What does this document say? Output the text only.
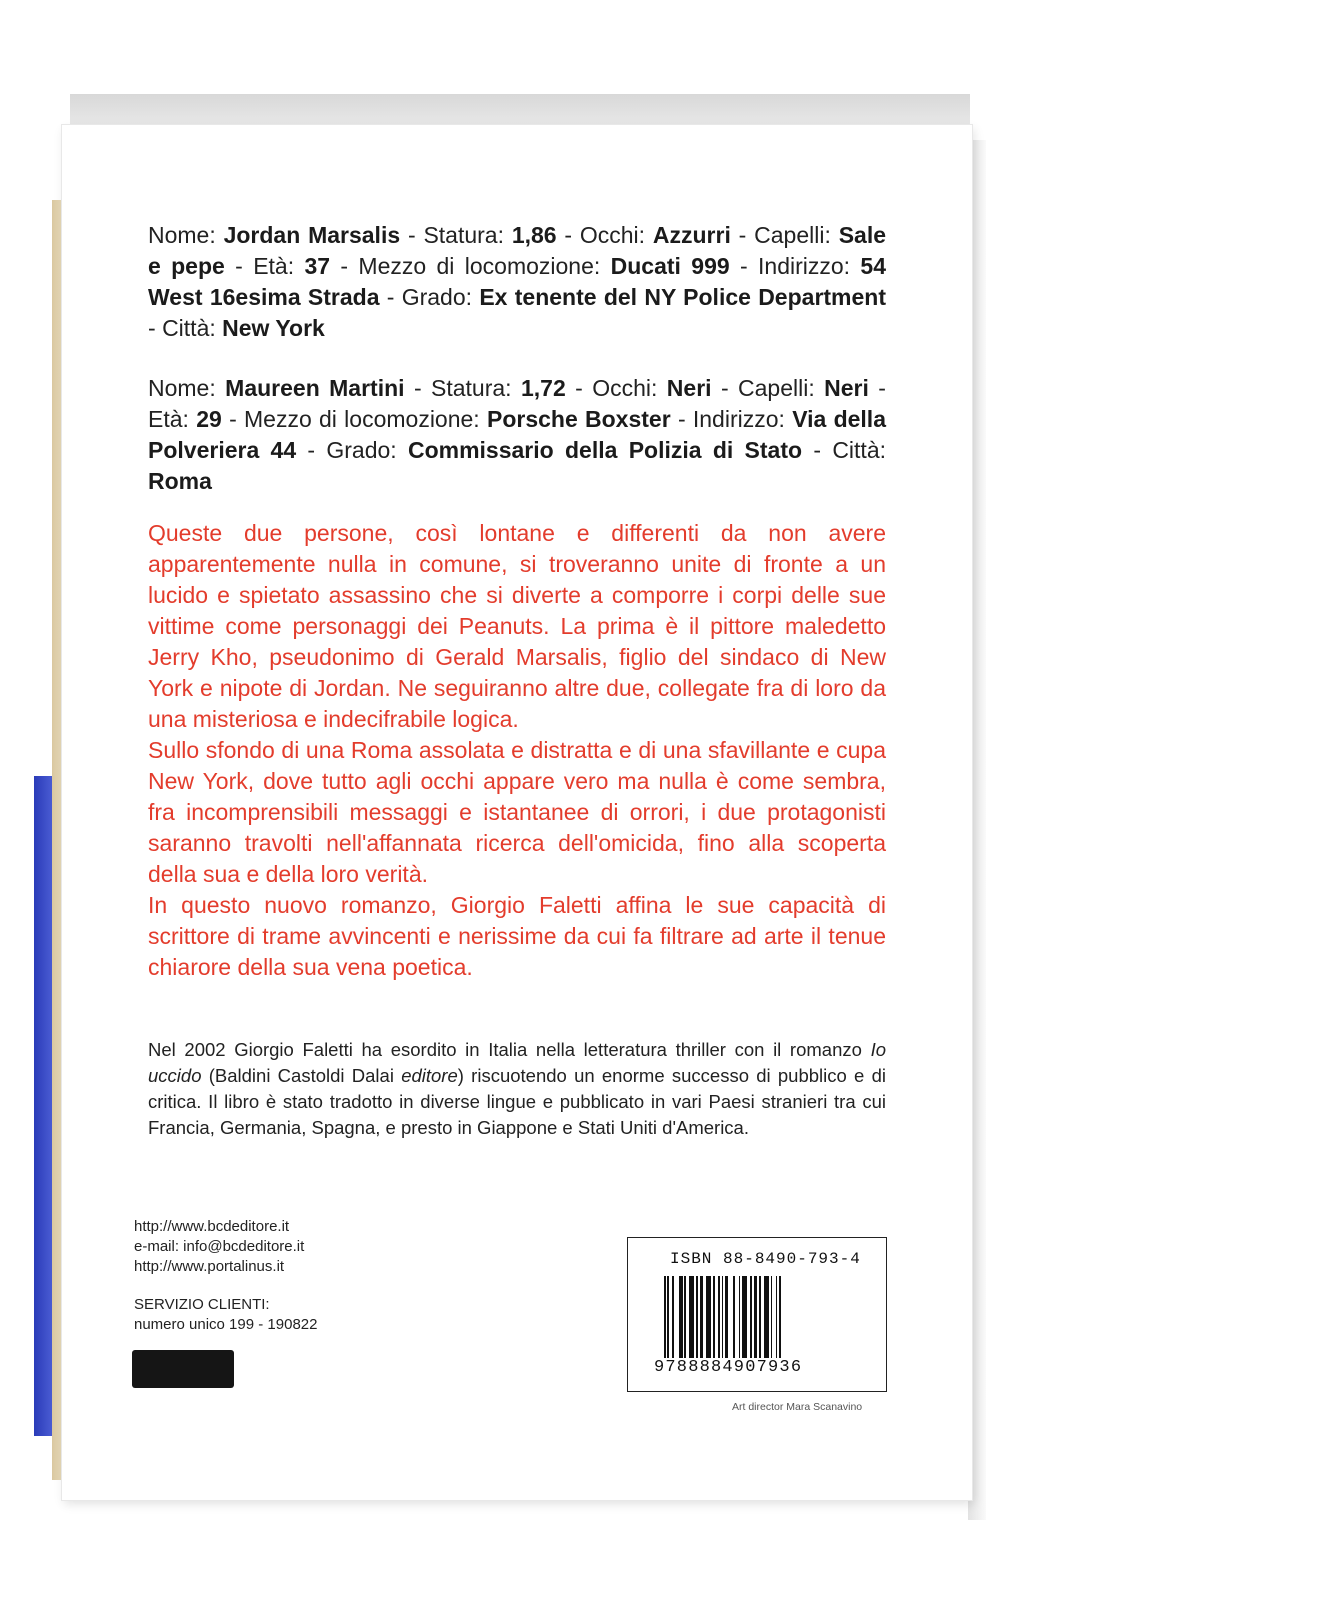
Nome: Jordan Marsalis - Statura: 1,86 - Occhi: Azzurri - Capelli: Sale e pepe - Età: 37 - Mezzo di locomozione: Ducati 999 - Indirizzo: 54 West 16esima Strada - Grado: Ex tenente del NY Police Department - Città: New York
Nome: Maureen Martini - Statura: 1,72 - Occhi: Neri - Capelli: Neri - Età: 29 - Mezzo di locomozione: Porsche Boxster - Indirizzo: Via della Polveriera 44 - Grado: Commissario della Polizia di Stato - Città: Roma

Queste due persone, così lontane e differenti da non avere apparentemente nulla in comune, si troveranno unite di fronte a un lucido e spietato assassino che si diverte a comporre i corpi delle sue vittime come personaggi dei Peanuts. La prima è il pittore maledetto Jerry Kho, pseudonimo di Gerald Marsalis, figlio del sindaco di New York e nipote di Jordan. Ne seguiranno altre due, collegate fra di loro da una misteriosa e indecifrabile logica.

Sullo sfondo di una Roma assolata e distratta e di una sfavillante e cupa New York, dove tutto agli occhi appare vero ma nulla è come sembra, fra incomprensibili messaggi e istantanee di orrori, i due protagonisti saranno travolti nell'affannata ricerca dell'omicida, fino alla scoperta della sua e della loro verità.

In questo nuovo romanzo, Giorgio Faletti affina le sue capacità di scrittore di trame avvincenti e nerissime da cui fa filtrare ad arte il tenue chiarore della sua vena poetica.

Nel 2002 Giorgio Faletti ha esordito in Italia nella letteratura thriller con il romanzo Io uccido (Baldini Castoldi Dalai editore) riscuotendo un enorme successo di pubblico e di critica. Il libro è stato tradotto in diverse lingue e pubblicato in vari Paesi stranieri tra cui Francia, Germania, Spagna, e presto in Giappone e Stati Uniti d'America.
http://www.bcdeditore.it
e-mail: info@bcdeditore.it
http://www.portalinus.it
SERVIZIO CLIENTI:
numero unico 199 - 190822
ISBN 88-8490-793-4
9788884907936
Art director Mara Scanavino
